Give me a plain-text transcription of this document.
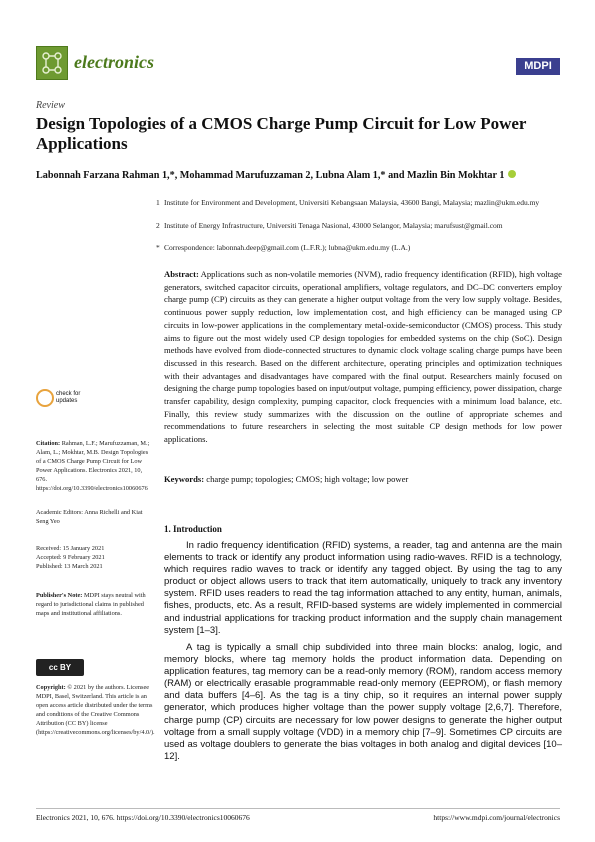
electronics	MDPI
Review
Design Topologies of a CMOS Charge Pump Circuit for Low Power Applications
Labonnah Farzana Rahman 1,*, Mohammad Marufuzzaman 2, Lubna Alam 1,* and Mazlin Bin Mokhtar 1
1 Institute for Environment and Development, Universiti Kebangsaan Malaysia, 43600 Bangi, Malaysia; mazlin@ukm.edu.my
2 Institute of Energy Infrastructure, Universiti Tenaga Nasional, 43000 Selangor, Malaysia; marufsust@gmail.com
* Correspondence: labonnah.deep@gmail.com (L.F.R.); lubna@ukm.edu.my (L.A.)
Abstract: Applications such as non-volatile memories (NVM), radio frequency identification (RFID), high voltage generators, switched capacitor circuits, operational amplifiers, voltage regulators, and DC–DC converters employ charge pump (CP) circuits as they can generate a higher output voltage from the very low supply voltage. Besides, continuous power supply reduction, low implementation cost, and high efficiency can be managed using CP circuits in low-power applications in the complementary metal-oxide-semiconductor (CMOS) process. This study aims to figure out the most widely used CP design topologies for embedded systems on the chip (SoC). Design methods have evolved from diode-connected structures to dynamic clock voltage scaling charge pumps have been discussed in this research. Based on the different architecture, operating principles and optimization techniques with their advantages and disadvantages have compared with the final output. Researchers mainly focused on designing the charge pump topologies based on input/output voltage, pumping efficiency, power dissipation, charge transfer capability, design complexity, pumping capacitor, clock frequencies with a minimum load balance, etc. Finally, this review study summarizes with the discussion on the outline of appropriate schemes and recommendations to future researchers in selecting the most suitable CP design methods for low power applications.
Keywords: charge pump; topologies; CMOS; high voltage; low power
check for updates
Citation: Rahman, L.F.; Marufuzzaman, M.; Alam, L.; Mokhtar, M.B. Design Topologies of a CMOS Charge Pump Circuit for Low Power Applications. Electronics 2021, 10, 676. https://doi.org/10.3390/electronics10060676
Academic Editors: Anna Richelli and Kiat Seng Yeo
Received: 15 January 2021
Accepted: 9 February 2021
Published: 13 March 2021
Publisher's Note: MDPI stays neutral with regard to jurisdictional claims in published maps and institutional affiliations.
cc BY
Copyright: © 2021 by the authors. Licensee MDPI, Basel, Switzerland. This article is an open access article distributed under the terms and conditions of the Creative Commons Attribution (CC BY) license (https://creativecommons.org/licenses/by/4.0/).
1. Introduction
In radio frequency identification (RFID) systems, a reader, tag and antenna are the main elements to track or identify any product information using radio-waves. RFID is a technology, which requires radio waves to track or identify any tagged object. By using the tag to any product or object allows users to track that item automatically, uniquely to track any inventory system. RFID uses readers to read the tag information attached to any entity, human, animals, fishes, products, etc. As a result, RFID-based systems are widely implemented in commercial and industrial applications for tracking product information and the supply chain management system [1–3].
A tag is typically a small chip subdivided into three main blocks: analog, logic, and memory blocks, where tag memory holds the product information data. Depending on application features, tag memory can be a read-only memory (ROM), random access memory (RAM) or electrically erasable programmable read-only memory (EEPROM), or flash memory and data buffers [4–6]. As the tag is a tiny chip, so it requires an internal power supply generator, which produces higher voltage than the power supply voltage [2,6,7]. Therefore, charge pump (CP) circuits are necessary for low power designs to generate the higher output voltage from a small supply voltage (VDD) in a memory chip [7–9]. Sometimes CP circuits are used as voltage doublers to generate the bias voltages in both analog and digital devices [10–12].
Electronics 2021, 10, 676. https://doi.org/10.3390/electronics10060676	https://www.mdpi.com/journal/electronics
